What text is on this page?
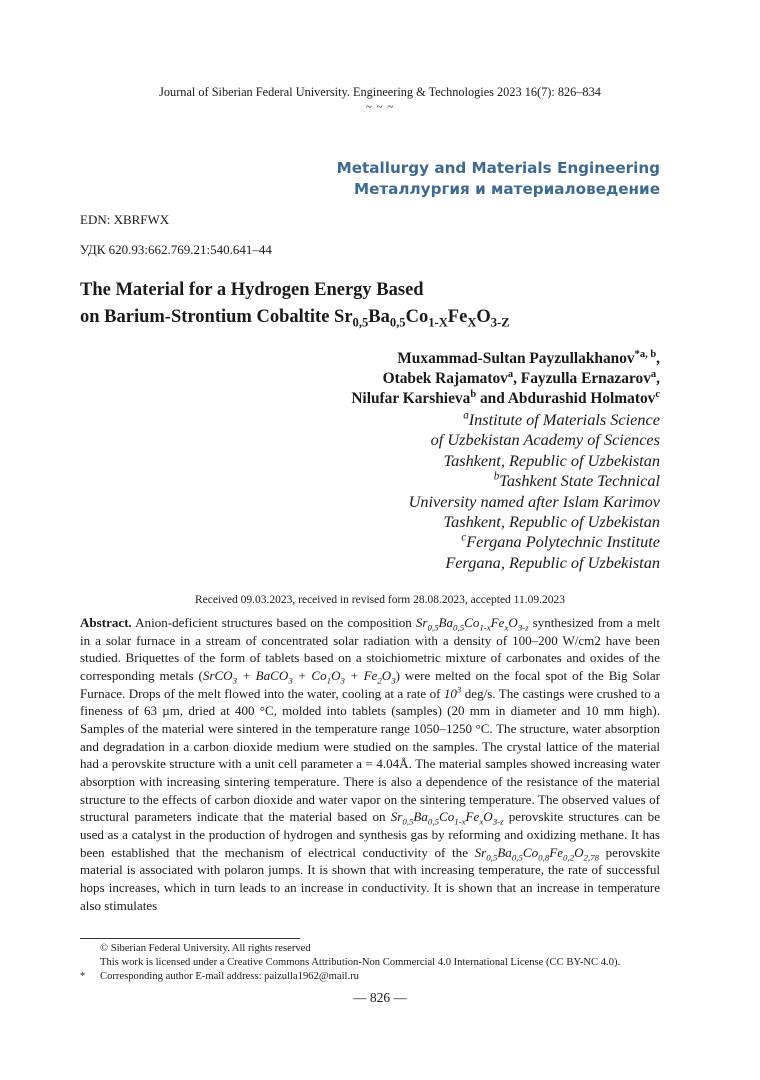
Journal of Siberian Federal University. Engineering & Technologies 2023 16(7): 826–834
~ ~ ~
Metallurgy and Materials Engineering
Металлургия и материаловедение
EDN: XBRFWX
УДК 620.93:662.769.21:540.641–44
The Material for a Hydrogen Energy Based
on Barium-Strontium Cobaltite $Sr_{0,5}Ba_{0,5}Co_{1-X}Fe_XO_{3-Z}$
Muxammad-Sultan Payzullakhanov$^{*a, b}$,
Otabek Rajamatov$^a$, Fayzulla Ernazarov$^a$,
Nilufar Karshieva$^b$ and Abdurashid Holmatov$^c$
$^a$Institute of Materials Science
of Uzbekistan Academy of Sciences
Tashkent, Republic of Uzbekistan
$^b$Tashkent State Technical
University named after Islam Karimov
Tashkent, Republic of Uzbekistan
$^c$Fergana Polytechnic Institute
Fergana, Republic of Uzbekistan
Received 09.03.2023, received in revised form 28.08.2023, accepted 11.09.2023
Abstract. Anion-deficient structures based on the composition $Sr_{0,5}Ba_{0,5}Co_{1-x}Fe_xO_{3-z}$ synthesized from a melt in a solar furnace in a stream of concentrated solar radiation with a density of 100–200 W/cm2 have been studied. Briquettes of the form of tablets based on a stoichiometric mixture of carbonates and oxides of the corresponding metals (SrCO$_3$ + BaCO$_3$ + $Co_1O_3 + Fe_2O_3$) were melted on the focal spot of the Big Solar Furnace. Drops of the melt flowed into the water, cooling at a rate of $10^3$ deg/s. The castings were crushed to a fineness of 63 µm, dried at 400 °C, molded into tablets (samples) (20 mm in diameter and 10 mm high). Samples of the material were sintered in the temperature range 1050–1250 °C. The structure, water absorption and degradation in a carbon dioxide medium were studied on the samples. The crystal lattice of the material had a perovskite structure with a unit cell parameter a = 4.04Å. The material samples showed increasing water absorption with increasing sintering temperature. There is also a dependence of the resistance of the material structure to the effects of carbon dioxide and water vapor on the sintering temperature. The observed values of structural parameters indicate that the material based on $Sr_{0,5}Ba_{0,5}Co_{1-x}Fe_xO_{3-z}$ perovskite structures can be used as a catalyst in the production of hydrogen and synthesis gas by reforming and oxidizing methane. It has been established that the mechanism of electrical conductivity of the $Sr_{0,5}Ba_{0,5}Co_{0,8}Fe_{0,2}O_{2,78}$ perovskite material is associated with polaron jumps. It is shown that with increasing temperature, the rate of successful hops increases, which in turn leads to an increase in conductivity. It is shown that an increase in temperature also stimulates
© Siberian Federal University. All rights reserved
This work is licensed under a Creative Commons Attribution-Non Commercial 4.0 International License (CC BY-NC 4.0).
* Corresponding author E-mail address: paizulla1962@mail.ru
— 826 —
